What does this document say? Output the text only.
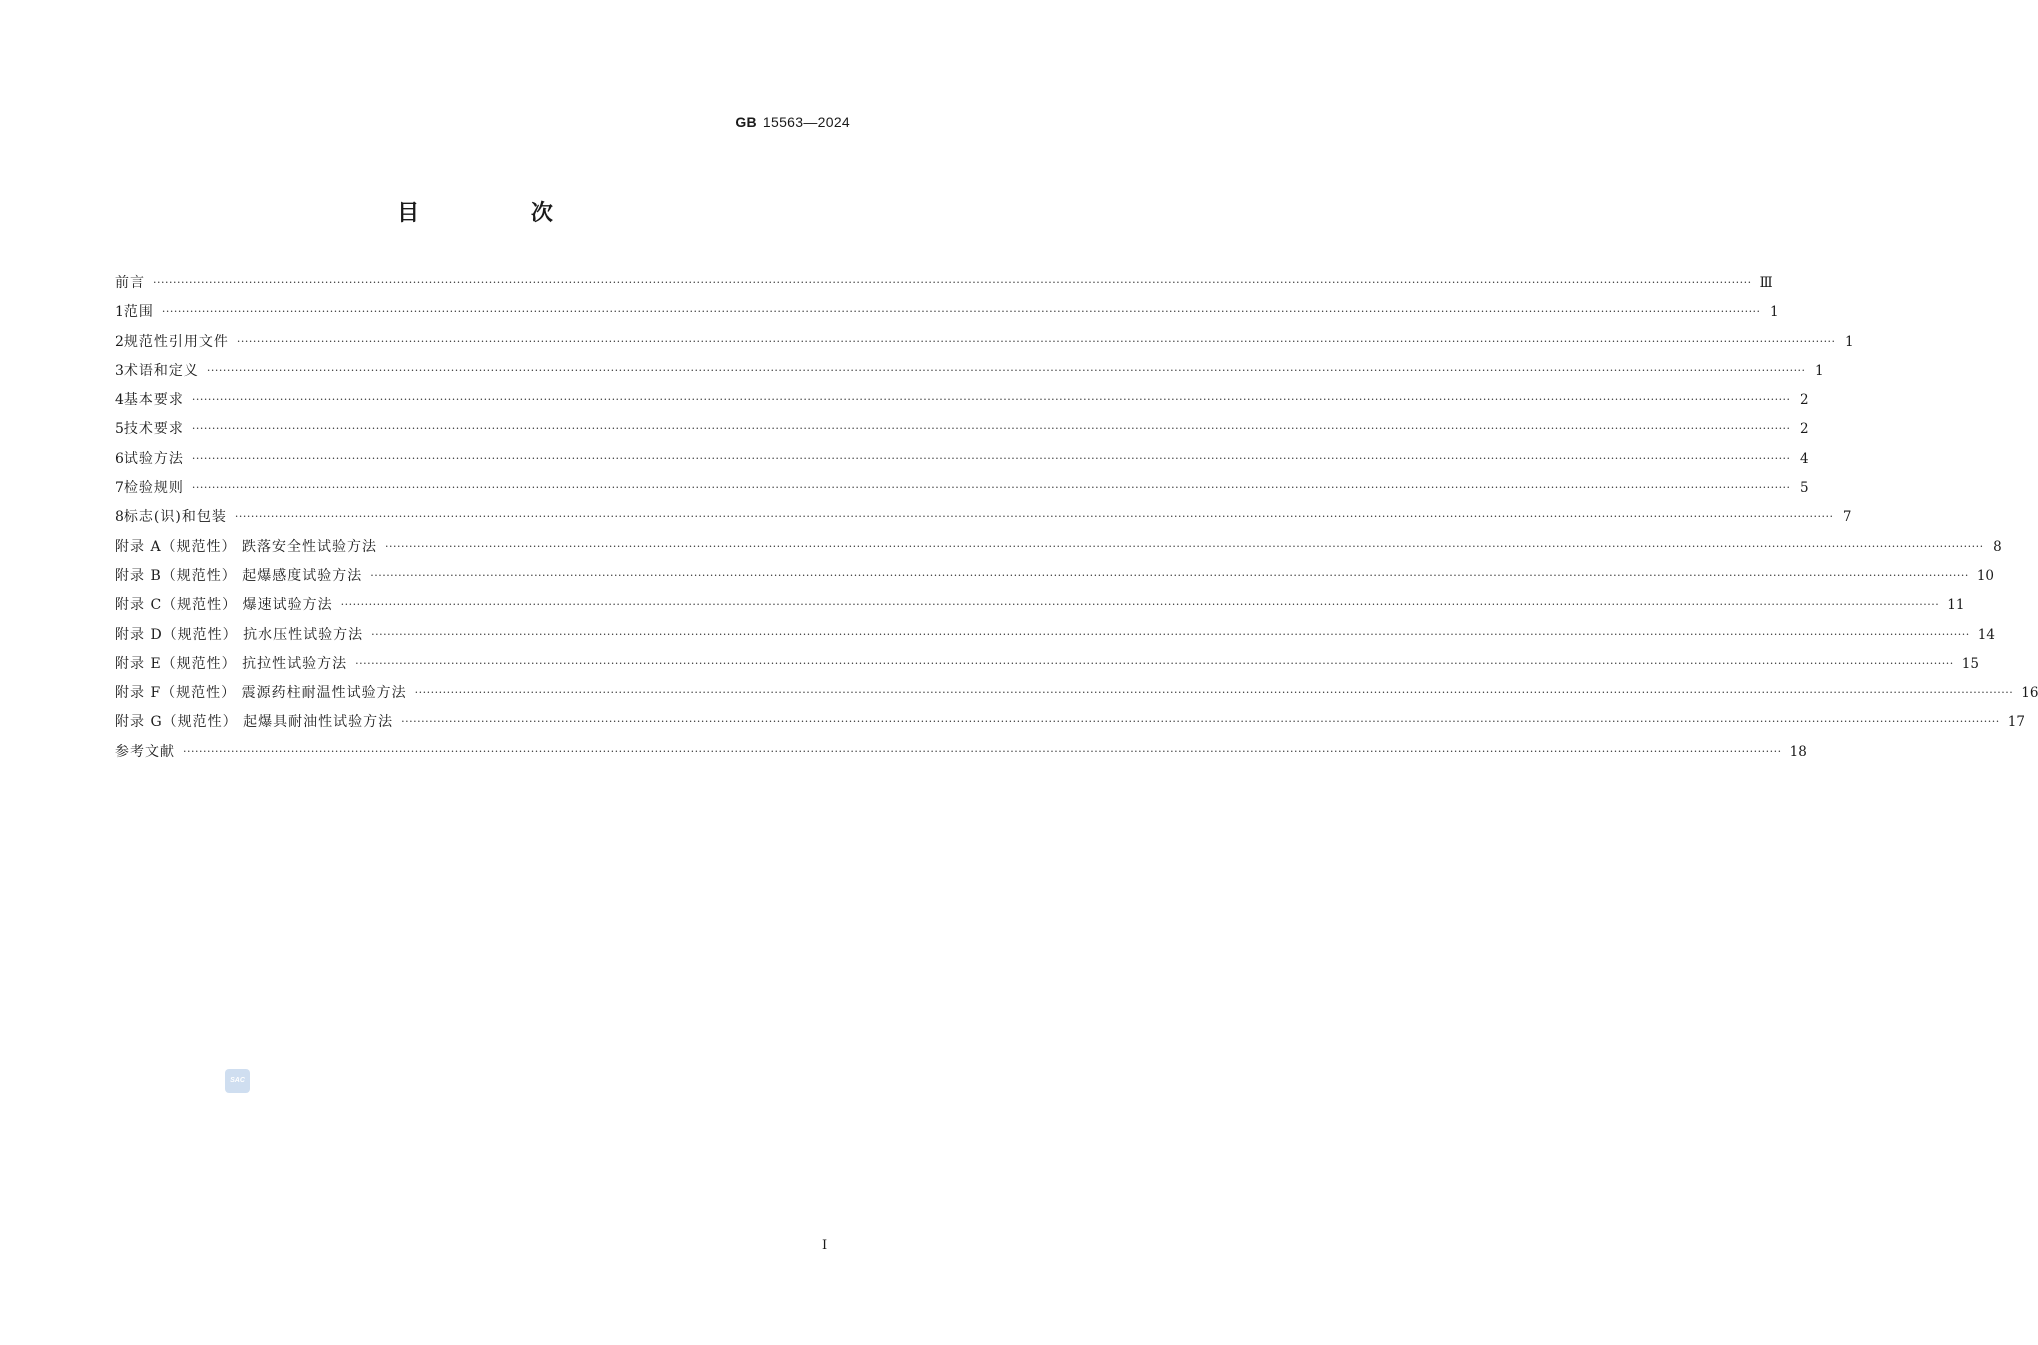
GB 15563—2024
目 次
前言 ················································································································································································································································································································································································································ Ⅲ
1 范围 ················································································································································································································································································································································································································ 1
2 规范性引用文件 ················································································································································································································································································································································································································ 1
3 术语和定义 ················································································································································································································································································································································································································ 1
4 基本要求 ················································································································································································································································································································································································································ 2
5 技术要求 ················································································································································································································································································································································································································ 2
6 试验方法 ················································································································································································································································································································································································································ 4
7 检验规则 ················································································································································································································································································································································································································ 5
8 标志(识)和包装 ················································································································································································································································································································································································································ 7
附录 A（规范性） 跌落安全性试验方法 ················································································································································································································································································································································································································ 8
附录 B（规范性） 起爆感度试验方法 ················································································································································································································································································································································································································ 10
附录 C（规范性） 爆速试验方法 ················································································································································································································································································································································································································ 11
附录 D（规范性） 抗水压性试验方法 ················································································································································································································································································································································································································ 14
附录 E（规范性） 抗拉性试验方法 ················································································································································································································································································································································································································ 15
附录 F（规范性） 震源药柱耐温性试验方法 ················································································································································································································································································································································································································ 16
附录 G（规范性） 起爆具耐油性试验方法 ················································································································································································································································································································································································································ 17
参考文献 ················································································································································································································································································································································································································ 18
SAC
I
